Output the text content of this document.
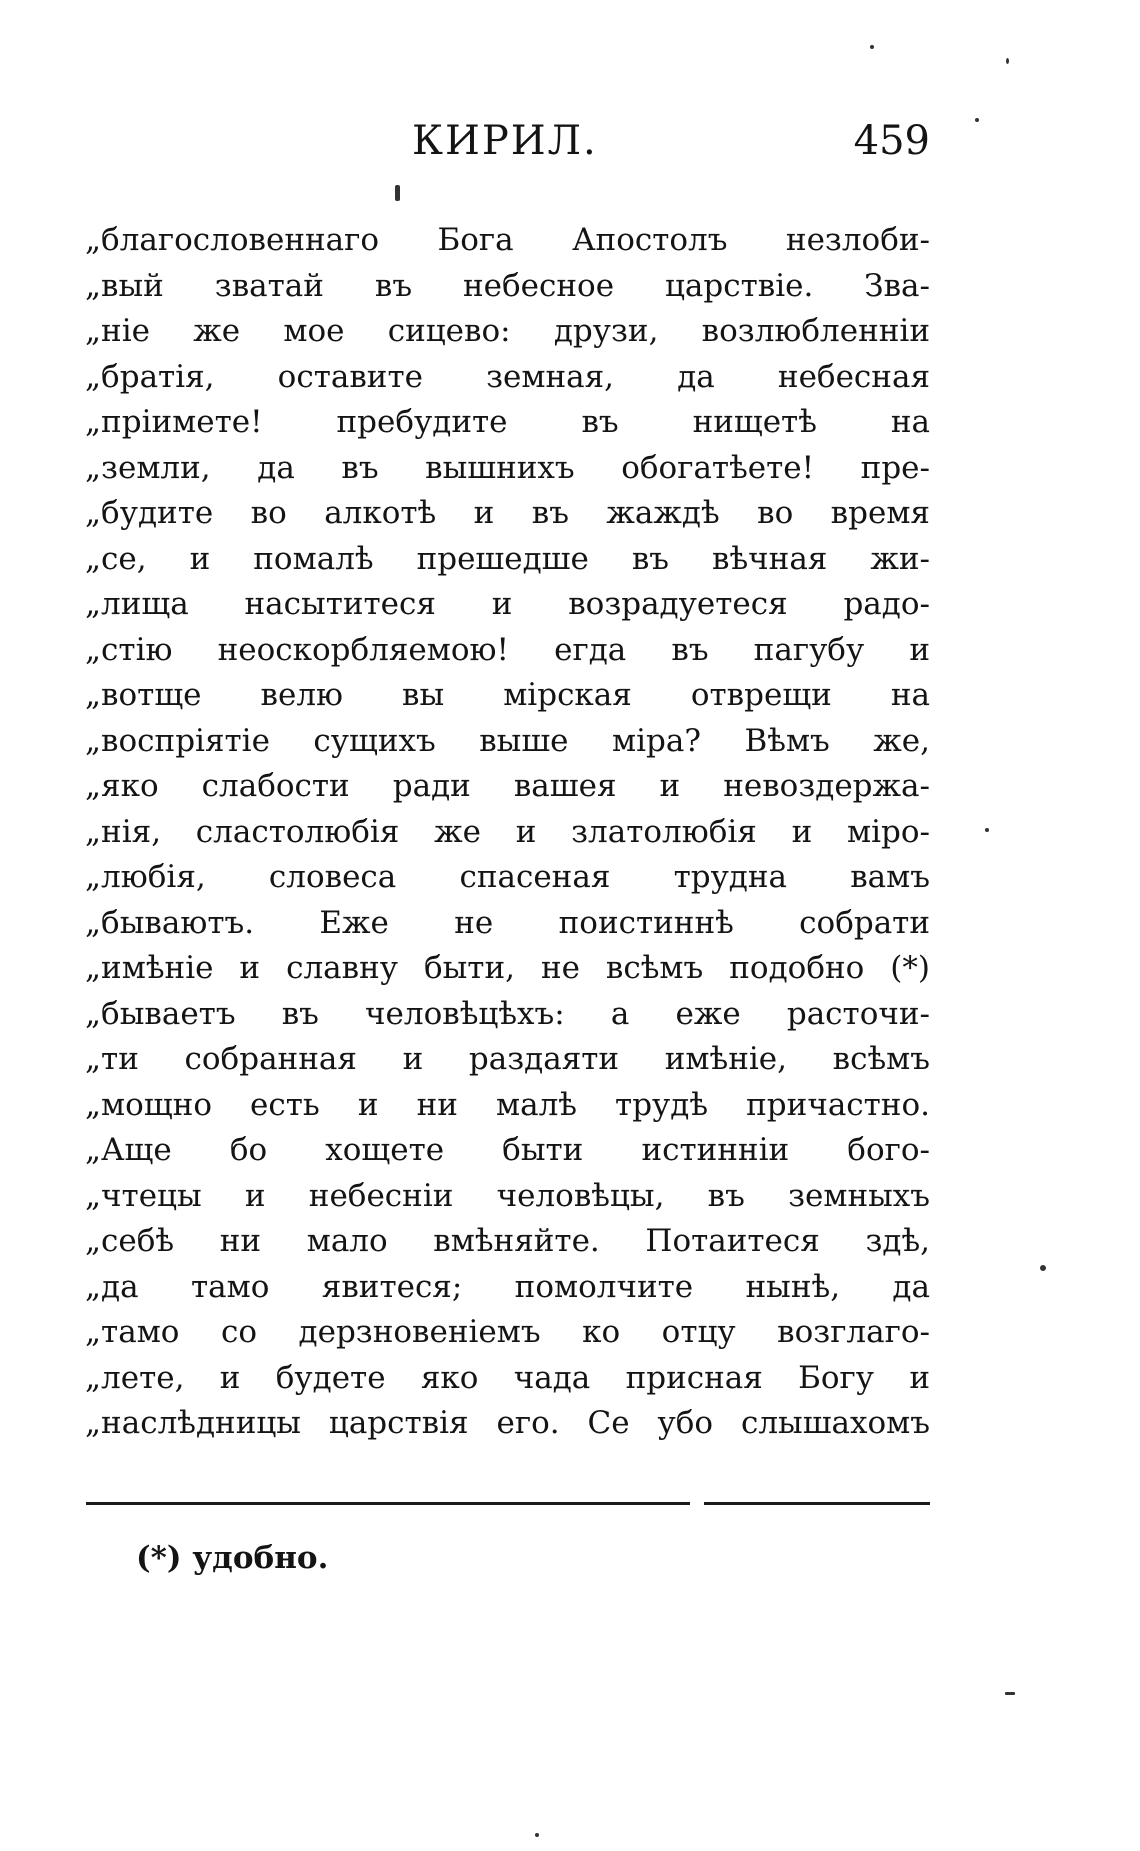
КИРИЛ.	459
„благословеннаго Бога Апостолъ незлоби-
„вый зватай въ небесное царствіе. Зва-
„ніе же мое сицево: друзи, возлюбленніи
„братія, оставите земная, да небесная
„пріимете! пребудите въ нищетѣ на
„земли, да въ вышнихъ обогатѣете! пре-
„будите во алкотѣ и въ жаждѣ во время
„се, и помалѣ прешедше въ вѣчная жи-
„лища насытитеся и возрадуетеся радо-
„стію неоскорбляемою! егда въ пагубу и
„вотще велю вы мірская отврещи на
„воспріятіе сущихъ выше міра? Вѣмъ же,
„яко слабости ради вашея и невоздержа-
„нія, сластолюбія же и златолюбія и міро-
„любія, словеса спасеная трудна вамъ
„бываютъ. Еже не поистиннѣ собрати
„имѣніе и славну быти, не всѣмъ подобно (*)
„бываетъ въ человѣцѣхъ: а еже расточи-
„ти собранная и раздаяти имѣніе, всѣмъ
„мощно есть и ни малѣ трудѣ причастно.
„Аще бо хощете быти истинніи бого-
„чтецы и небесніи человѣцы, въ земныхъ
„себѣ ни мало вмѣняйте. Потаитеся здѣ,
„да тамо явитеся; помолчите нынѣ, да
„тамо со дерзновеніемъ ко отцу возглаго-
„лете, и будете яко чада присная Богу и
„наслѣдницы царствія его. Се убо слышахомъ
(*) удобно.
